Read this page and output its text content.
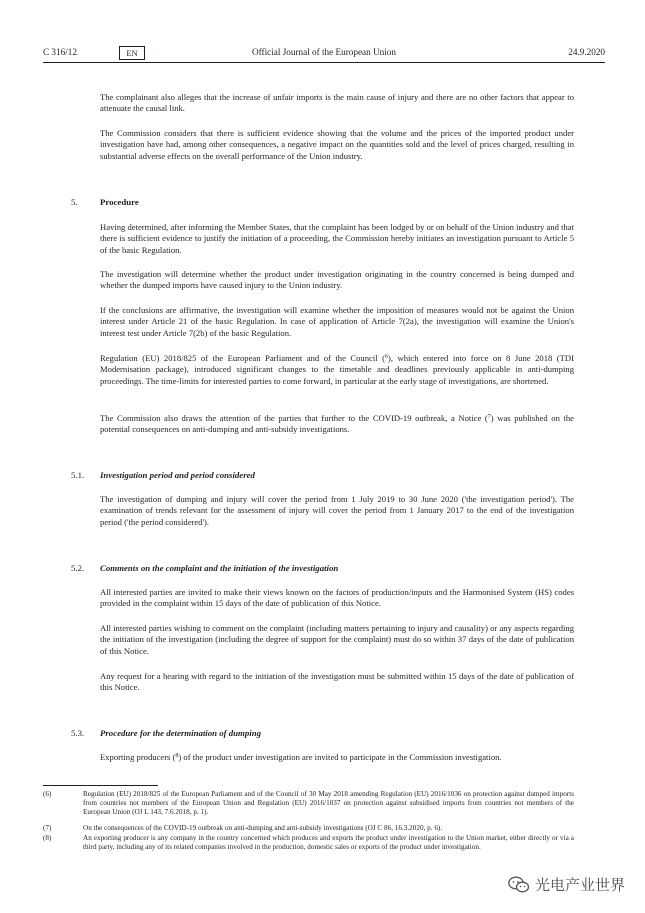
C 316/12	EN	Official Journal of the European Union	24.9.2020
The complainant also alleges that the increase of unfair imports is the main cause of injury and there are no other factors that appear to attenuate the causal link.
The Commission considers that there is sufficient evidence showing that the volume and the prices of the imported product under investigation have had, among other consequences, a negative impact on the quantities sold and the level of prices charged, resulting in substantial adverse effects on the overall performance of the Union industry.
5.	Procedure
Having determined, after informing the Member States, that the complaint has been lodged by or on behalf of the Union industry and that there is sufficient evidence to justify the initiation of a proceeding, the Commission hereby initiates an investigation pursuant to Article 5 of the basic Regulation.
The investigation will determine whether the product under investigation originating in the country concerned is being dumped and whether the dumped imports have caused injury to the Union industry.
If the conclusions are affirmative, the investigation will examine whether the imposition of measures would not be against the Union interest under Article 21 of the basic Regulation. In case of application of Article 7(2a), the investigation will examine the Union's interest test under Article 7(2b) of the basic Regulation.
Regulation (EU) 2018/825 of the European Parliament and of the Council ($^6$), which entered into force on 8 June 2018 (TDI Modernisation package), introduced significant changes to the timetable and deadlines previously applicable in anti-dumping proceedings. The time-limits for interested parties to come forward, in particular at the early stage of investigations, are shortened.
The Commission also draws the attention of the parties that further to the COVID-19 outbreak, a Notice ($^7$) was published on the potential consequences on anti-dumping and anti-subsidy investigations.
5.1. Investigation period and period considered
The investigation of dumping and injury will cover the period from 1 July 2019 to 30 June 2020 ('the investigation period'). The examination of trends relevant for the assessment of injury will cover the period from 1 January 2017 to the end of the investigation period ('the period considered').
5.2. Comments on the complaint and the initiation of the investigation
All interested parties are invited to make their views known on the factors of production/inputs and the Harmonised System (HS) codes provided in the complaint within 15 days of the date of publication of this Notice.
All interested parties wishing to comment on the complaint (including matters pertaining to injury and causality) or any aspects regarding the initiation of the investigation (including the degree of support for the complaint) must do so within 37 days of the date of publication of this Notice.
Any request for a hearing with regard to the initiation of the investigation must be submitted within 15 days of the date of publication of this Notice.
5.3. Procedure for the determination of dumping
Exporting producers ($^8$) of the product under investigation are invited to participate in the Commission investigation.
(6)	Regulation (EU) 2018/825 of the European Parliament and of the Council of 30 May 2018 amending Regulation (EU) 2016/1036 on protection against dumped imports from countries not members of the European Union and Regulation (EU) 2016/1037 on protection against subsidised imports from countries not members of the European Union (OJ L 143, 7.6.2018, p. 1).
(7)	On the consequences of the COVID-19 outbreak on anti-dumping and anti-subsidy investigations (OJ C 86, 16.3.2020, p. 6).
(8)	An exporting producer is any company in the country concerned which produces and exports the product under investigation to the Union market, either directly or via a third party, including any of its related companies involved in the production, domestic sales or exports of the product under investigation.
光电产业世界
